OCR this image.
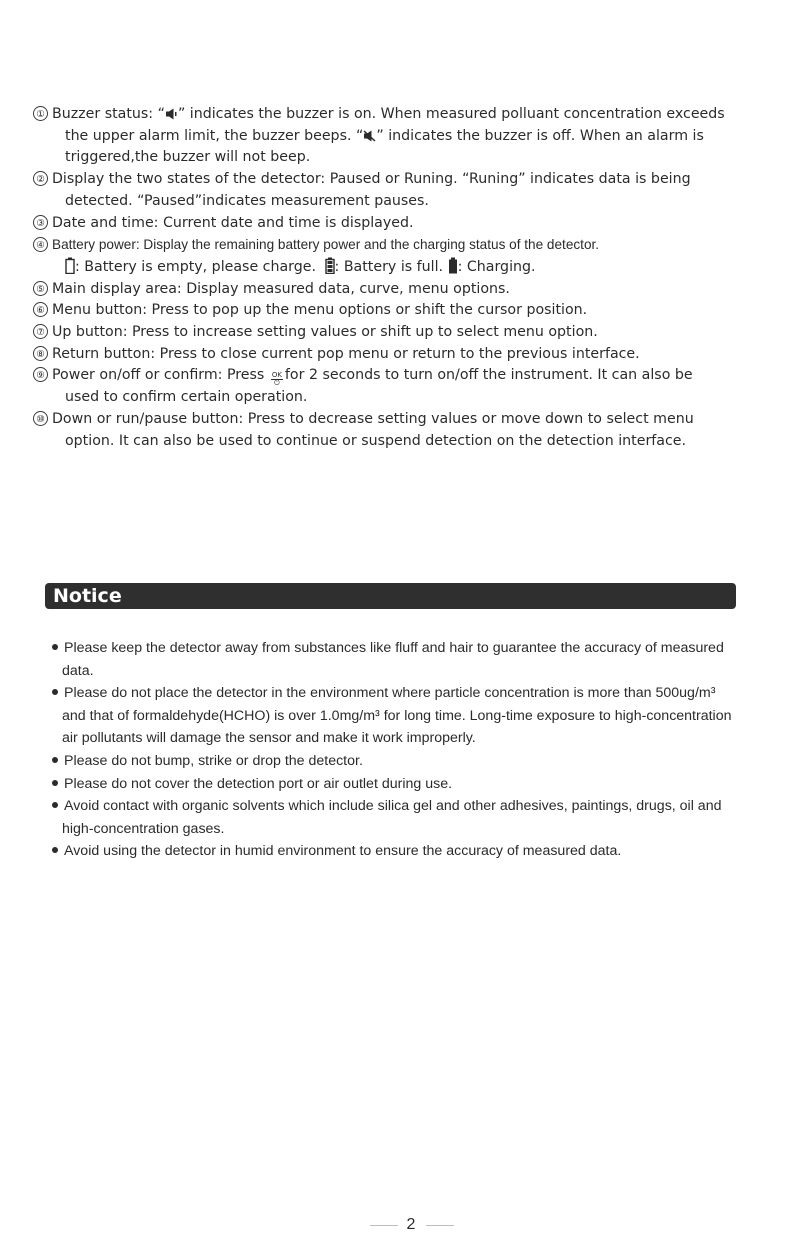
① Buzzer status: “ ” indicates the buzzer is on. When measured polluant concentration exceeds

the upper alarm limit, the buzzer beeps. “ ” indicates the buzzer is off. When an alarm is

triggered,the buzzer will not beep.

② Display the two states of the detector: Paused or Runing. “Runing” indicates data is being

detected. “Paused”indicates measurement pauses.

③ Date and time: Current date and time is displayed.

④ Battery power: Display the remaining battery power and the charging status of the detector.

: Battery is empty, please charge. : Battery is full. : Charging.

⑤ Main display area: Display measured data, curve, menu options.

⑥ Menu button: Press to pop up the menu options or shift the cursor position.

⑦ Up button: Press to increase setting values or shift up to select menu option.

⑧ Return button: Press to close current pop menu or return to the previous interface.

⑨ Power on/off or confirm: Press OK
⏻ for 2 seconds to turn on/off the instrument. It can also be

used to confirm certain operation.

⑩ Down or run/pause button: Press to decrease setting values or move down to select menu

option. It can also be used to continue or suspend detection on the detection interface.

Notice

Please keep the detector away from substances like fluff and hair to guarantee the accuracy of measured

data.

Please do not place the detector in the environment where particle concentration is more than 500ug/m³

and that of formaldehyde(HCHO) is over 1.0mg/m³ for long time. Long-time exposure to high-concentration

air pollutants will damage the sensor and make it work improperly.

Please do not bump, strike or drop the detector.

Please do not cover the detection port or air outlet during use.

Avoid contact with organic solvents which include silica gel and other adhesives, paintings, drugs, oil and

high-concentration gases.

Avoid using the detector in humid environment to ensure the accuracy of measured data.

2
